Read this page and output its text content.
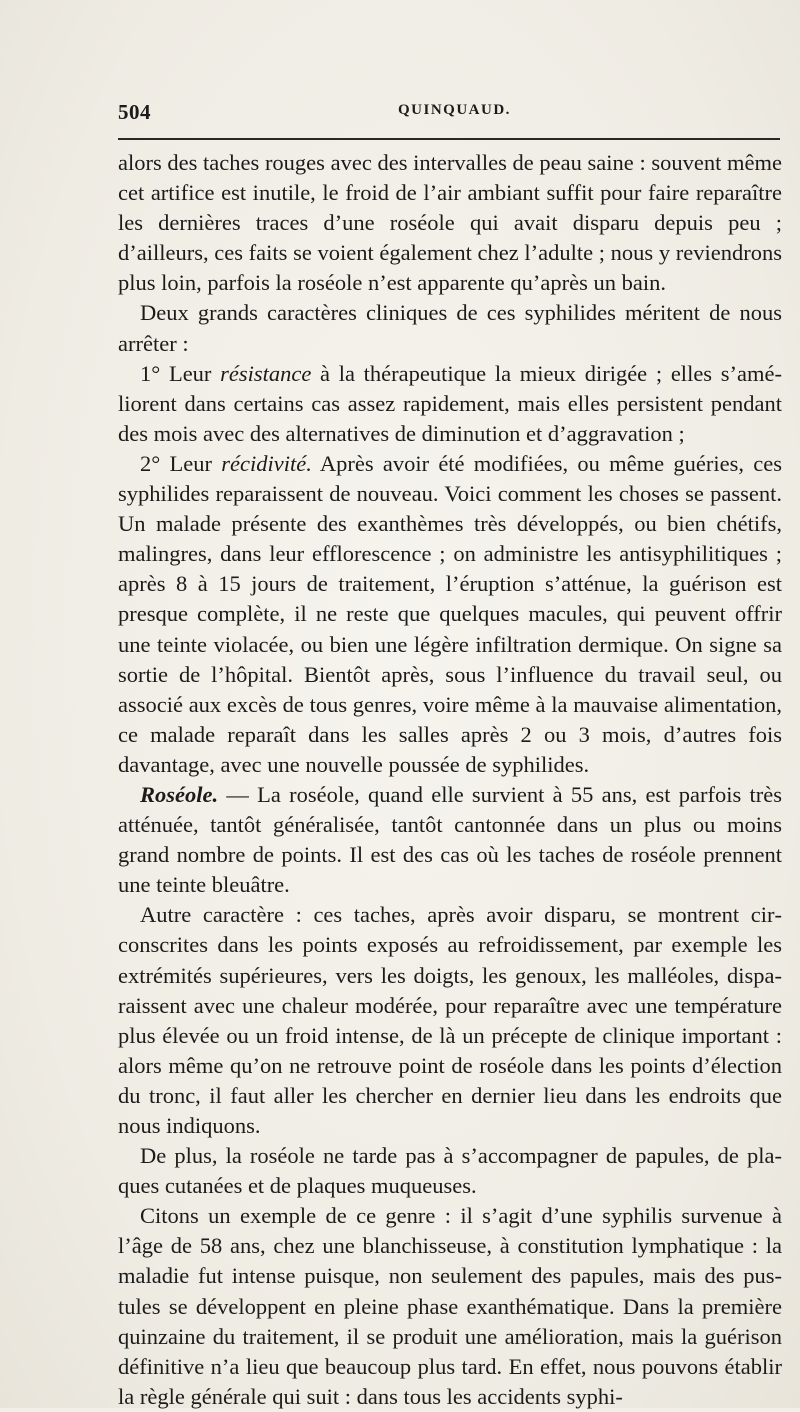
504	QUINQUAUD.

alors des taches rouges avec des intervalles de peau saine : souvent même cet artifice est inutile, le froid de l’air ambiant suffit pour faire reparaître les dernières traces d’une roséole qui avait disparu depuis peu ; d’ailleurs, ces faits se voient également chez l’adulte ; nous y reviendrons plus loin, parfois la roséole n’est apparente qu’après un bain.

Deux grands caractères cliniques de ces syphilides méritent de nous arrêter :

1° Leur résistance à la thérapeutique la mieux dirigée ; elles s’améliorent dans certains cas assez rapidement, mais elles persistent pendant des mois avec des alternatives de diminution et d’aggravation ;

2° Leur récidivité. Après avoir été modifiées, ou même guéries, ces syphilides reparaissent de nouveau. Voici comment les choses se passent. Un malade présente des exanthèmes très développés, ou bien chétifs, malingres, dans leur efflorescence ; on administre les antisyphilitiques ; après 8 à 15 jours de traitement, l’éruption s’atténue, la guérison est presque complète, il ne reste que quelques macules, qui peuvent offrir une teinte violacée, ou bien une légère infiltration dermique. On signe sa sortie de l’hôpital. Bientôt après, sous l’influence du travail seul, ou associé aux excès de tous genres, voire même à la mauvaise alimentation, ce malade reparaît dans les salles après 2 ou 3 mois, d’autres fois davantage, avec une nouvelle poussée de syphilides.

Roséole. — La roséole, quand elle survient à 55 ans, est parfois très atténuée, tantôt généralisée, tantôt cantonnée dans un plus ou moins grand nombre de points. Il est des cas où les taches de roséole prennent une teinte bleuâtre.

Autre caractère : ces taches, après avoir disparu, se montrent circonscrites dans les points exposés au refroidissement, par exemple les extrémités supérieures, vers les doigts, les genoux, les malléoles, disparaissent avec une chaleur modérée, pour reparaître avec une température plus élevée ou un froid intense, de là un précepte de clinique important : alors même qu’on ne retrouve point de roséole dans les points d’élection du tronc, il faut aller les chercher en dernier lieu dans les endroits que nous indiquons.

De plus, la roséole ne tarde pas à s’accompagner de papules, de plaques cutanées et de plaques muqueuses.

Citons un exemple de ce genre : il s’agit d’une syphilis survenue à l’âge de 58 ans, chez une blanchisseuse, à constitution lymphatique : la maladie fut intense puisque, non seulement des papules, mais des pustules se développent en pleine phase exanthématique. Dans la première quinzaine du traitement, il se produit une amélioration, mais la guérison définitive n’a lieu que beaucoup plus tard. En effet, nous pouvons établir la règle générale qui suit : dans tous les accidents syphi-
